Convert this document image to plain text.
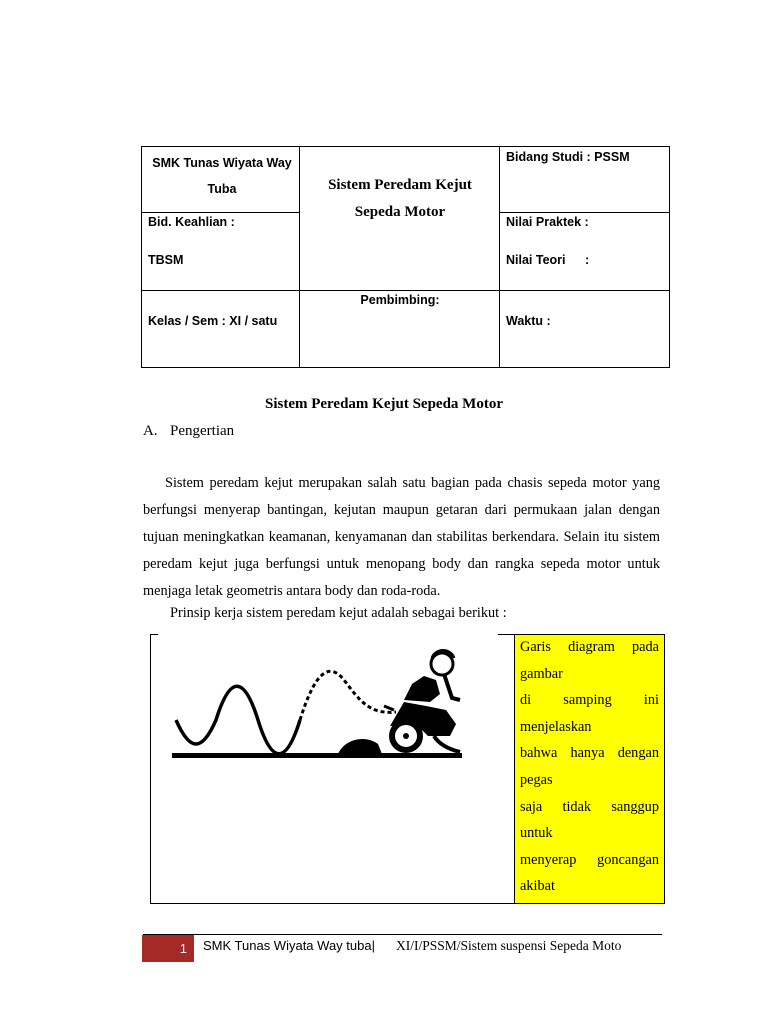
SMK Tunas Wiyata Way
Tuba
Bid. Keahlian :
TBSM
Kelas / Sem : XI / satu
Sistem Peredam Kejut
Sepeda Motor
Pembimbing:
Bidang Studi : PSSM
Nilai Praktek :
Nilai Teori :
Waktu :
Sistem Peredam Kejut Sepeda Motor
A. Pengertian

Sistem peredam kejut merupakan salah satu bagian pada chasis sepeda motor yang berfungsi menyerap bantingan, kejutan maupun getaran dari permukaan jalan dengan tujuan meningkatkan keamanan, kenyamanan dan stabilitas berkendara. Selain itu sistem peredam kejut juga berfungsi untuk menopang body dan rangka sepeda motor untuk menjaga letak geometris antara body dan roda-roda.

Prinsip kerja sistem peredam kejut adalah sebagai berikut :
Garis diagram pada
gambar
di samping ini
menjelaskan
bahwa hanya dengan
pegas
saja tidak sanggup
untuk
menyerap goncangan
akibat
1	SMK Tunas Wiyata Way tuba| XI/I/PSSM/Sistem suspensi Sepeda Moto
